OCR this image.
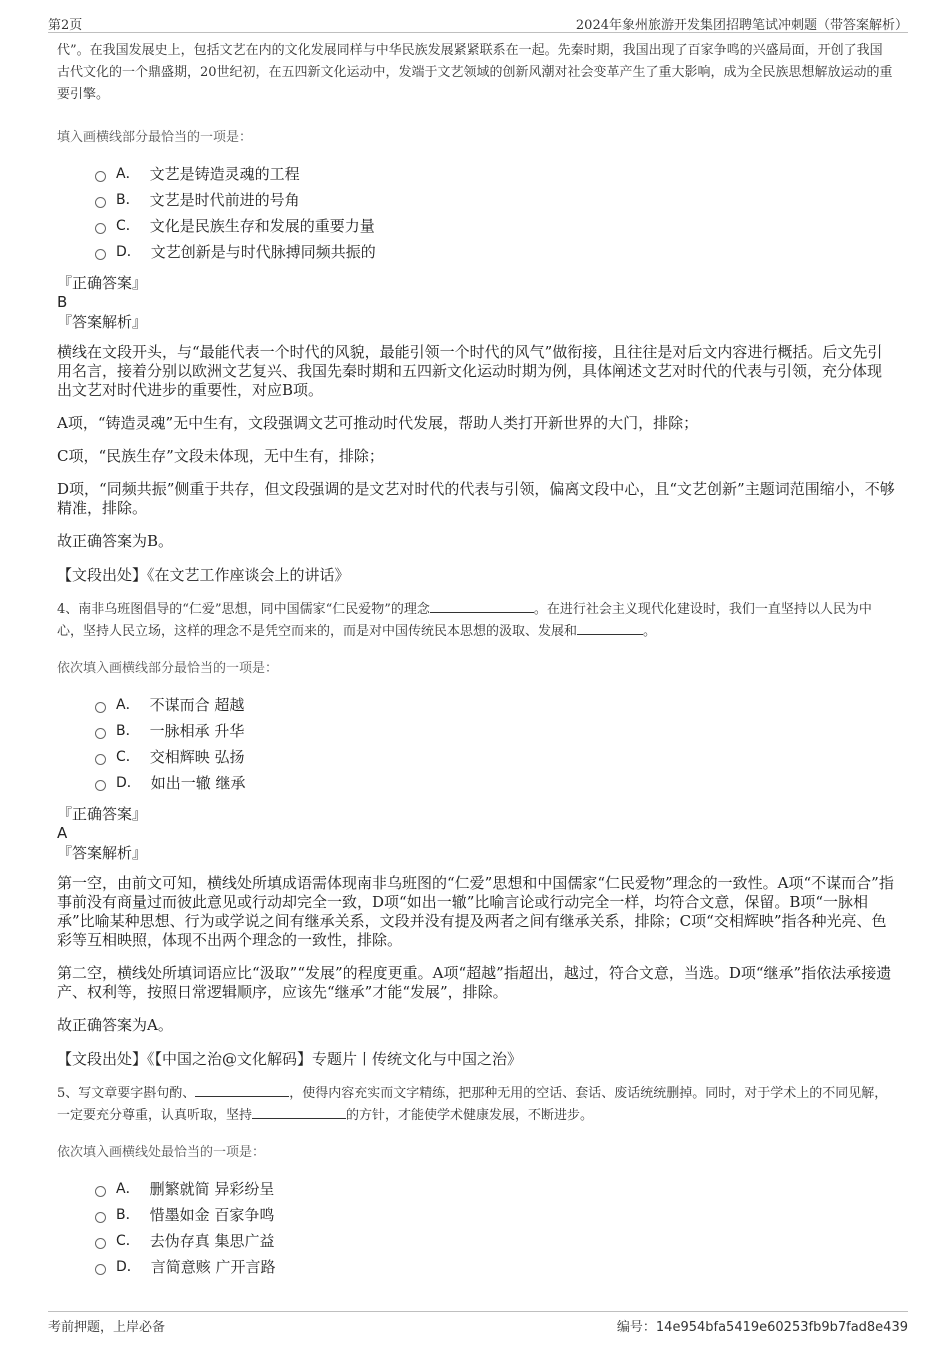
第2页	2024年象州旅游开发集团招聘笔试冲刺题（带答案解析）

代”。在我国发展史上，包括文艺在内的文化发展同样与中华民族发展紧紧联系在一起。先秦时期，我国出现了百家争鸣的兴盛局面，开创了我国古代文化的一个鼎盛期，20世纪初，在五四新文化运动中，发端于文艺领域的创新风潮对社会变革产生了重大影响，成为全民族思想解放运动的重要引擎。

填入画横线部分最恰当的一项是：

A． 文艺是铸造灵魂的工程
B． 文艺是时代前进的号角
C． 文化是民族生存和发展的重要力量
D． 文艺创新是与时代脉搏同频共振的

『正确答案』

B

『答案解析』

横线在文段开头，与“最能代表一个时代的风貌，最能引领一个时代的风气”做衔接，且往往是对后文内容进行概括。后文先引用名言，接着分别以欧洲文艺复兴、我国先秦时期和五四新文化运动时期为例，具体阐述文艺对时代的代表与引领，充分体现出文艺对时代进步的重要性，对应B项。

A项，“铸造灵魂”无中生有，文段强调文艺可推动时代发展，帮助人类打开新世界的大门，排除；

C项，“民族生存”文段未体现，无中生有，排除；

D项，“同频共振”侧重于共存，但文段强调的是文艺对时代的代表与引领，偏离文段中心，且“文艺创新”主题词范围缩小，不够精准，排除。

故正确答案为B。

【文段出处】《在文艺工作座谈会上的讲话》

4、南非乌班图倡导的“仁爱”思想，同中国儒家“仁民爱物”的理念	。在进行社会主义现代化建设时，我们一直坚持以人民为中心，坚持人民立场，这样的理念不是凭空而来的，而是对中国传统民本思想的汲取、发展和	。

依次填入画横线部分最恰当的一项是：

A． 不谋而合 超越
B． 一脉相承 升华
C． 交相辉映 弘扬
D． 如出一辙 继承

『正确答案』

A

『答案解析』

第一空，由前文可知，横线处所填成语需体现南非乌班图的“仁爱”思想和中国儒家“仁民爱物”理念的一致性。A项“不谋而合”指事前没有商量过而彼此意见或行动却完全一致，D项“如出一辙”比喻言论或行动完全一样，均符合文意，保留。B项“一脉相承”比喻某种思想、行为或学说之间有继承关系，文段并没有提及两者之间有继承关系，排除；C项“交相辉映”指各种光亮、色彩等互相映照，体现不出两个理念的一致性，排除。

第二空，横线处所填词语应比“汲取”“发展”的程度更重。A项“超越”指超出，越过，符合文意，当选。D项“继承”指依法承接遗产、权利等，按照日常逻辑顺序，应该先“继承”才能“发展”，排除。

故正确答案为A。

【文段出处】《【中国之治@文化解码】专题片丨传统文化与中国之治》

5、写文章要字斟句酌、	，使得内容充实而文字精练，把那种无用的空话、套话、废话统统删掉。同时，对于学术上的不同见解，一定要充分尊重，认真听取，坚持	的方针，才能使学术健康发展，不断进步。

依次填入画横线处最恰当的一项是：

A． 删繁就简 异彩纷呈
B． 惜墨如金 百家争鸣
C． 去伪存真 集思广益
D． 言简意赅 广开言路
考前押题，上岸必备	编号：14e954bfa5419e60253fb9b7fad8e439
